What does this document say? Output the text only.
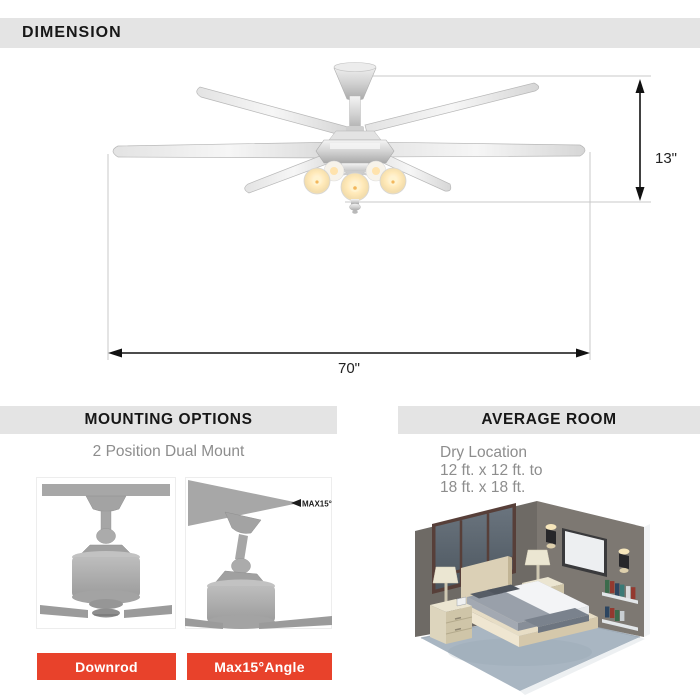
DIMENSION
13"
70"
MOUNTING OPTIONS
2 Position Dual Mount
MAX15°
Downrod	Max15°Angle
AVERAGE ROOM
Dry Location
12 ft. x 12 ft. to
18 ft. x 18 ft.
